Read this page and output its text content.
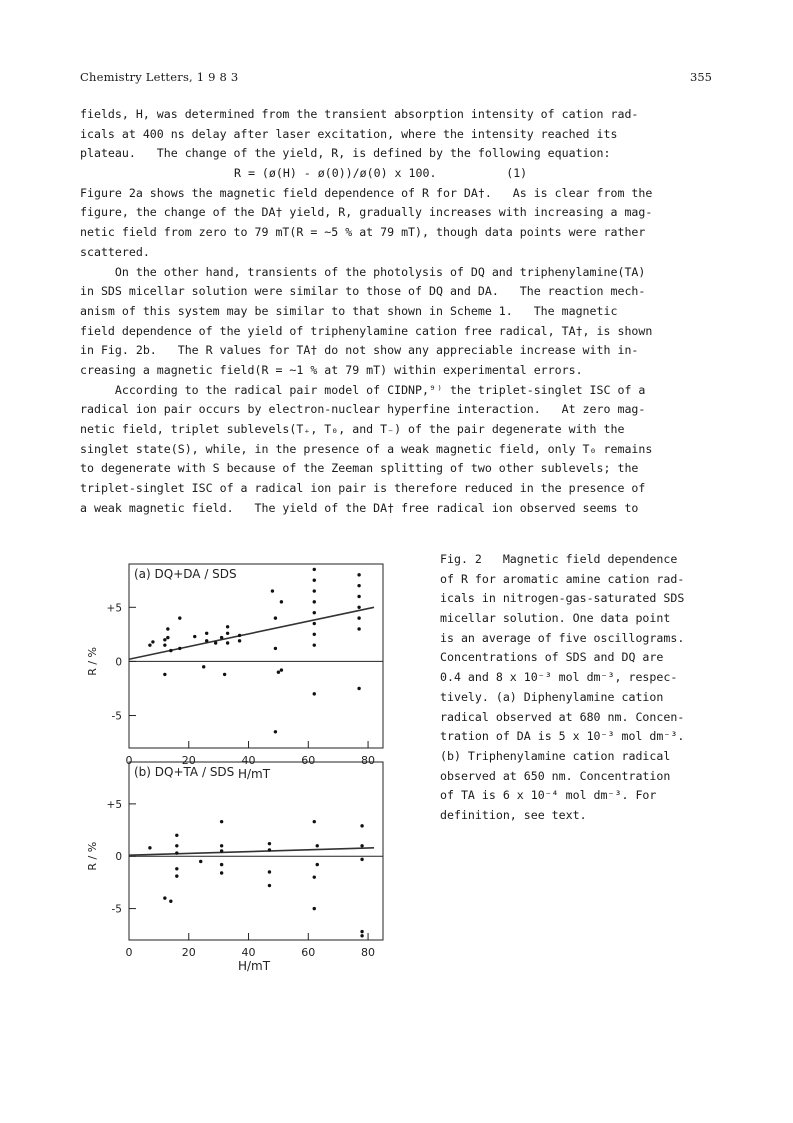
Chemistry Letters, 1 9 8 3	355
fields, H, was determined from the transient absorption intensity of cation rad-
icals at 400 ns delay after laser excitation, where the intensity reached its
plateau.   The change of the yield, R, is defined by the following equation:
R = (ø(H) - ø(0))/ø(0) x 100.          (1)
Figure 2a shows the magnetic field dependence of R for DA†.   As is clear from the
figure, the change of the DA† yield, R, gradually increases with increasing a mag-
netic field from zero to 79 mT(R = ~5 % at 79 mT), though data points were rather
scattered.
On the other hand, transients of the photolysis of DQ and triphenylamine(TA)
in SDS micellar solution were similar to those of DQ and DA.   The reaction mech-
anism of this system may be similar to that shown in Scheme 1.   The magnetic
field dependence of the yield of triphenylamine cation free radical, TA†, is shown
in Fig. 2b.   The R values for TA† do not show any appreciable increase with in-
creasing a magnetic field(R = ~1 % at 79 mT) within experimental errors.
According to the radical pair model of CIDNP,⁹⁾ the triplet-singlet ISC of a
radical ion pair occurs by electron-nuclear hyperfine interaction.   At zero mag-
netic field, triplet sublevels(T₊, T₀, and T₋) of the pair degenerate with the
singlet state(S), while, in the presence of a weak magnetic field, only T₀ remains
to degenerate with S because of the Zeeman splitting of two other sublevels; the
triplet-singlet ISC of a radical ion pair is therefore reduced in the presence of
a weak magnetic field.   The yield of the DA† free radical ion observed seems to
(a) DQ+DA / SDS
+5
0
-5
0	20	40	60	80
H/mT
R / %
(b) DQ+TA / SDS
+5
0
-5
0	20	40	60	80
H/mT
R / %
Fig. 2   Magnetic field dependence
of R for aromatic amine cation rad-
icals in nitrogen-gas-saturated SDS
micellar solution. One data point
is an average of five oscillograms.
Concentrations of SDS and DQ are
0.4 and 8 x 10⁻³ mol dm⁻³, respec-
tively. (a) Diphenylamine cation
radical observed at 680 nm. Concen-
tration of DA is 5 x 10⁻³ mol dm⁻³.
(b) Triphenylamine cation radical
observed at 650 nm. Concentration
of TA is 6 x 10⁻⁴ mol dm⁻³. For
definition, see text.
